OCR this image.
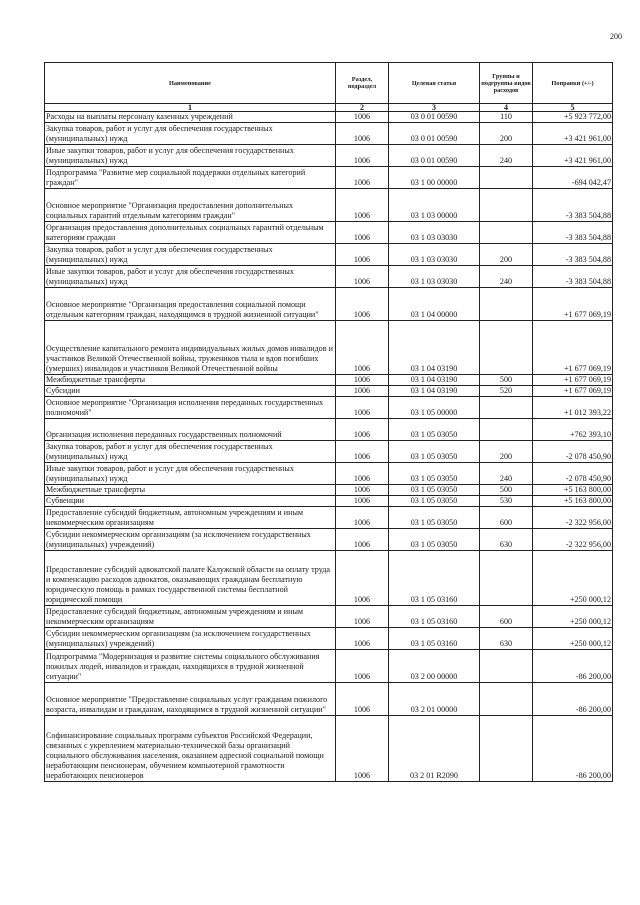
200
Наименование	Раздел, подраздел	Целевая статья	Группы и подгруппы видов расходов	Поправки (+/-)
1	2	3	4	5
Расходы на выплаты персоналу казенных учреждений	1006	03 0 01 00590	110	+5 923 772,00
Закупка товаров, работ и услуг для обеспечения государственных (муниципальных) нужд	1006	03 0 01 00590	200	+3 421 961,00
Иные закупки товаров, работ и услуг для обеспечения государственных (муниципальных) нужд	1006	03 0 01 00590	240	+3 421 961,00
Подпрограмма "Развитие мер социальной поддержки отдельных категорий граждан"	1006	03 1 00 00000		-694 042,47
Основное мероприятие "Организация предоставления дополнительных социальных гарантий отдельным категориям граждан"	1006	03 1 03 00000		-3 383 504,88
Организация предоставления дополнительных социальных гарантий отдельным категориям граждан	1006	03 1 03 03030		-3 383 504,88
Закупка товаров, работ и услуг для обеспечения государственных (муниципальных) нужд	1006	03 1 03 03030	200	-3 383 504,88
Иные закупки товаров, работ и услуг для обеспечения государственных (муниципальных) нужд	1006	03 1 03 03030	240	-3 383 504,88
Основное мероприятие "Организация предоставления социальной помощи отдельным категориям граждан, находящимся в трудной жизненной ситуации"	1006	03 1 04 00000		+1 677 069,19
Осуществление капитального ремонта индивидуальных жилых домов инвалидов и участников Великой Отечественной войны, тружеников тыла и вдов погибших (умерших) инвалидов и участников Великой Отечественной войны	1006	03 1 04 03190		+1 677 069,19
Межбюджетные трансферты	1006	03 1 04 03190	500	+1 677 069,19
Субсидии	1006	03 1 04 03190	520	+1 677 069,19
Основное мероприятие "Организация исполнения переданных государственных полномочий"	1006	03 1 05 00000		+1 012 393,22
Организация исполнения переданных государственных полномочий	1006	03 1 05 03050		+762 393,10
Закупка товаров, работ и услуг для обеспечения государственных (муниципальных) нужд	1006	03 1 05 03050	200	-2 078 450,90
Иные закупки товаров, работ и услуг для обеспечения государственных (муниципальных) нужд	1006	03 1 05 03050	240	-2 078 450,90
Межбюджетные трансферты	1006	03 1 05 03050	500	+5 163 800,00
Субвенции	1006	03 1 05 03050	530	+5 163 800,00
Предоставление субсидий бюджетным, автономным учреждениям и иным некоммерческим организациям	1006	03 1 05 03050	600	-2 322 956,00
Субсидии некоммерческим организациям (за исключением государственных (муниципальных) учреждений)	1006	03 1 05 03050	630	-2 322 956,00
Предоставление субсидий адвокатской палате Калужской области на оплату труда и компенсацию расходов адвокатов, оказывающих гражданам бесплатную юридическую помощь в рамках государственной системы бесплатной юридической помощи	1006	03 1 05 03160		+250 000,12
Предоставление субсидий бюджетным, автономным учреждениям и иным некоммерческим организациям	1006	03 1 05 03160	600	+250 000,12
Субсидии некоммерческим организациям (за исключением государственных (муниципальных) учреждений)	1006	03 1 05 03160	630	+250 000,12
Подпрограмма "Модернизация и развитие системы социального обслуживания пожилых людей, инвалидов и граждан, находящихся в трудной жизненной ситуации"	1006	03 2 00 00000		-86 200,00
Основное мероприятие "Предоставление социальных услуг гражданам пожилого возраста, инвалидам и гражданам, находящимся в трудной жизненной ситуации"	1006	03 2 01 00000		-86 200,00
Софинансирование социальных программ субъектов Российской Федерации, связанных с укреплением материально-технической базы организаций социального обслуживания населения, оказанием адресной социальной помощи неработающим пенсионерам, обучением компьютерной грамотности неработающих пенсионеров	1006	03 2 01 R2090		-86 200,00
